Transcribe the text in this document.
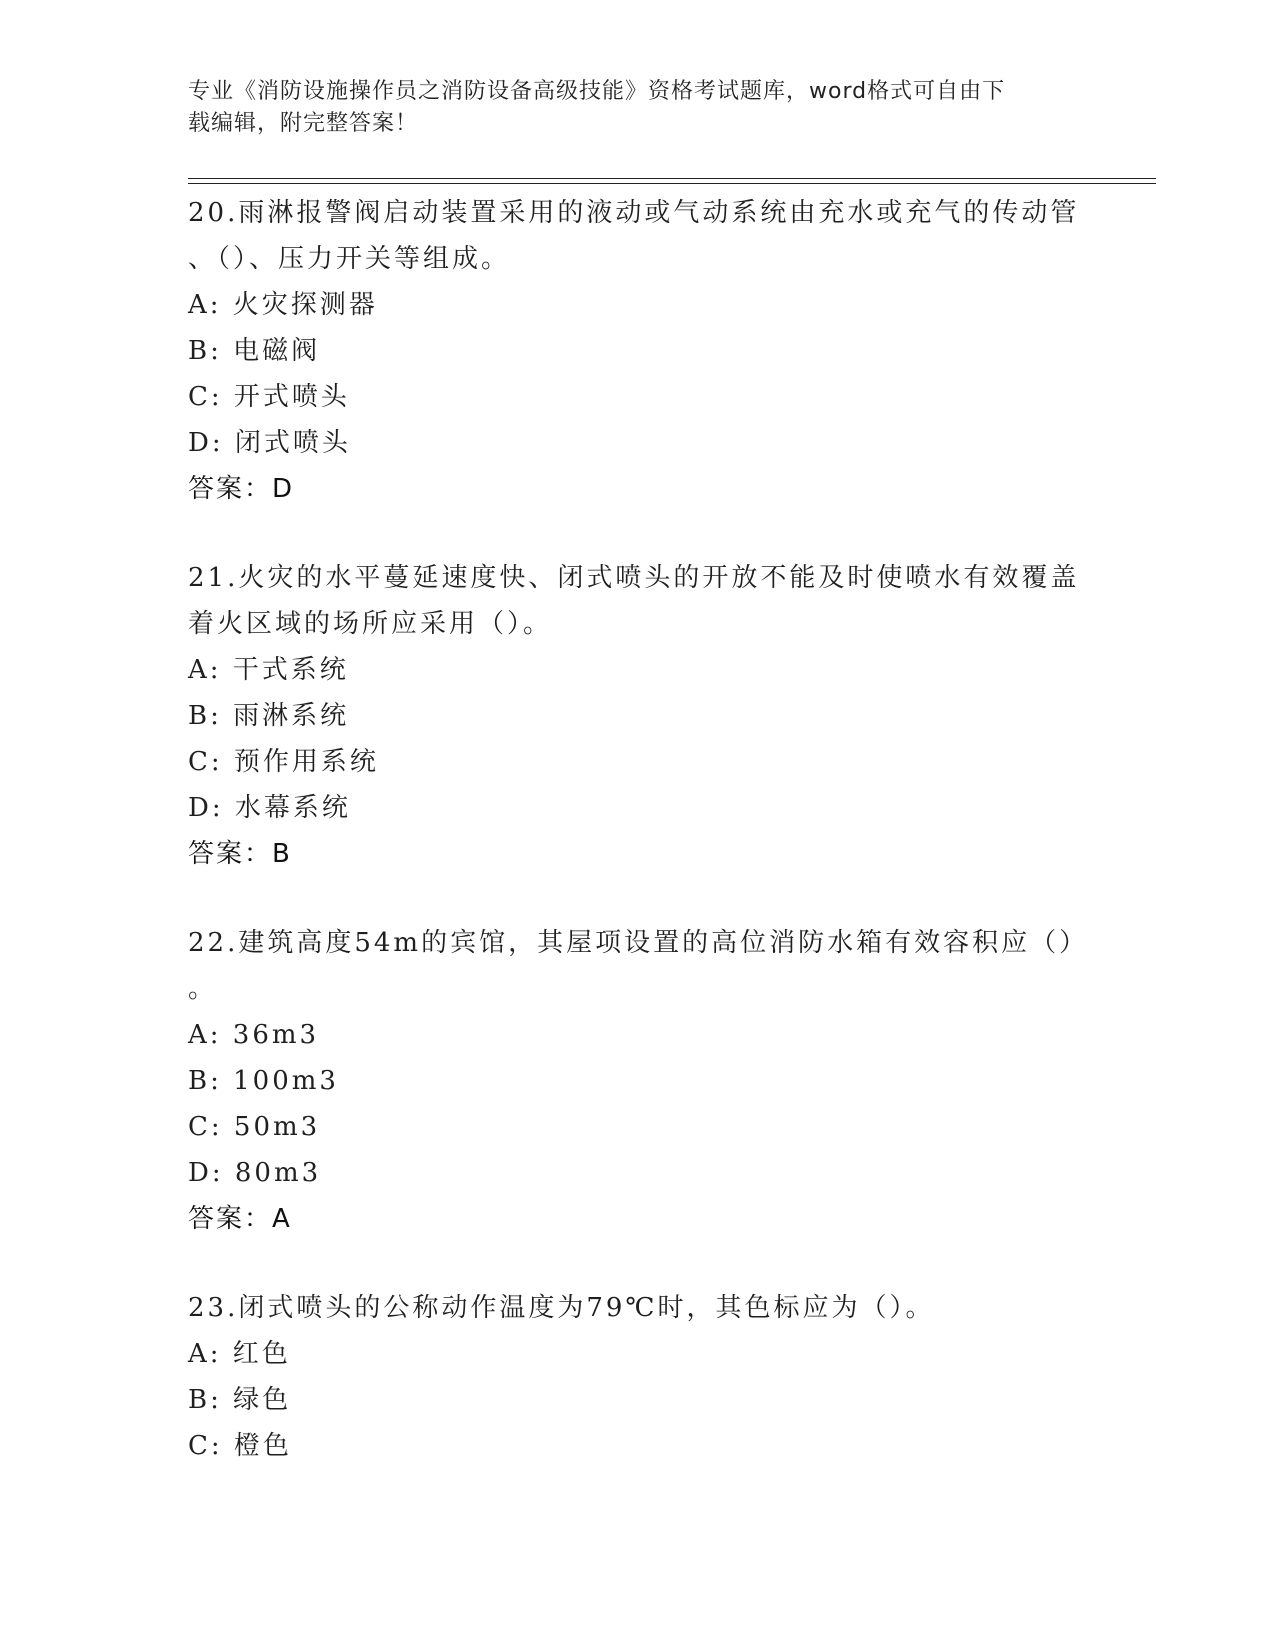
专业《消防设施操作员之消防设备高级技能》资格考试题库，word格式可自由下
载编辑，附完整答案！
20.雨淋报警阀启动装置采用的液动或气动系统由充水或充气的传动管
、（）、压力开关等组成。
A: 火灾探测器
B: 电磁阀
C: 开式喷头
D: 闭式喷头
答案：D
21.火灾的水平蔓延速度快、闭式喷头的开放不能及时使喷水有效覆盖
着火区域的场所应采用（）。
A: 干式系统
B: 雨淋系统
C: 预作用系统
D: 水幕系统
答案：B
22.建筑高度54m的宾馆，其屋项设置的高位消防水箱有效容积应（）
。
A: 36m3
B: 100m3
C: 50m3
D: 80m3
答案：A
23.闭式喷头的公称动作温度为79℃时，其色标应为（）。
A: 红色
B: 绿色
C: 橙色
